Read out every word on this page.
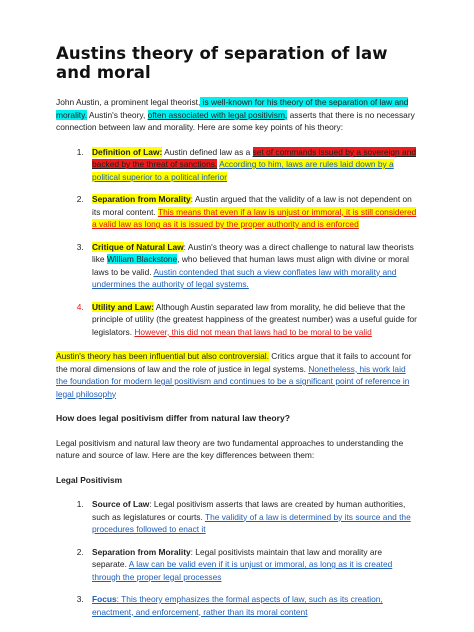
Austins theory of separation of law and moral

John Austin, a prominent legal theorist, is well-known for his theory of the separation of law and morality. Austin's theory, often associated with legal positivism, asserts that there is no necessary connection between law and morality. Here are some key points of his theory:

1. Definition of Law: Austin defined law as a set of commands issued by a sovereign and backed by the threat of sanctions. According to him, laws are rules laid down by a political superior to a political inferior
2. Separation from Morality: Austin argued that the validity of a law is not dependent on its moral content. This means that even if a law is unjust or immoral, it is still considered a valid law as long as it is issued by the proper authority and is enforced
3. Critique of Natural Law: Austin's theory was a direct challenge to natural law theorists like William Blackstone, who believed that human laws must align with divine or moral laws to be valid. Austin contended that such a view conflates law with morality and undermines the authority of legal systems.
4. Utility and Law: Although Austin separated law from morality, he did believe that the principle of utility (the greatest happiness of the greatest number) was a useful guide for legislators. However, this did not mean that laws had to be moral to be valid

Austin's theory has been influential but also controversial. Critics argue that it fails to account for the moral dimensions of law and the role of justice in legal systems. Nonetheless, his work laid the foundation for modern legal positivism and continues to be a significant point of reference in legal philosophy

How does legal positivism differ from natural law theory?

Legal positivism and natural law theory are two fundamental approaches to understanding the nature and source of law. Here are the key differences between them:

Legal Positivism

1. Source of Law: Legal positivism asserts that laws are created by human authorities, such as legislatures or courts. The validity of a law is determined by its source and the procedures followed to enact it
2. Separation from Morality: Legal positivists maintain that law and morality are separate. A law can be valid even if it is unjust or immoral, as long as it is created through the proper legal processes
3. Focus: This theory emphasizes the formal aspects of law, such as its creation, enactment, and enforcement, rather than its moral content
